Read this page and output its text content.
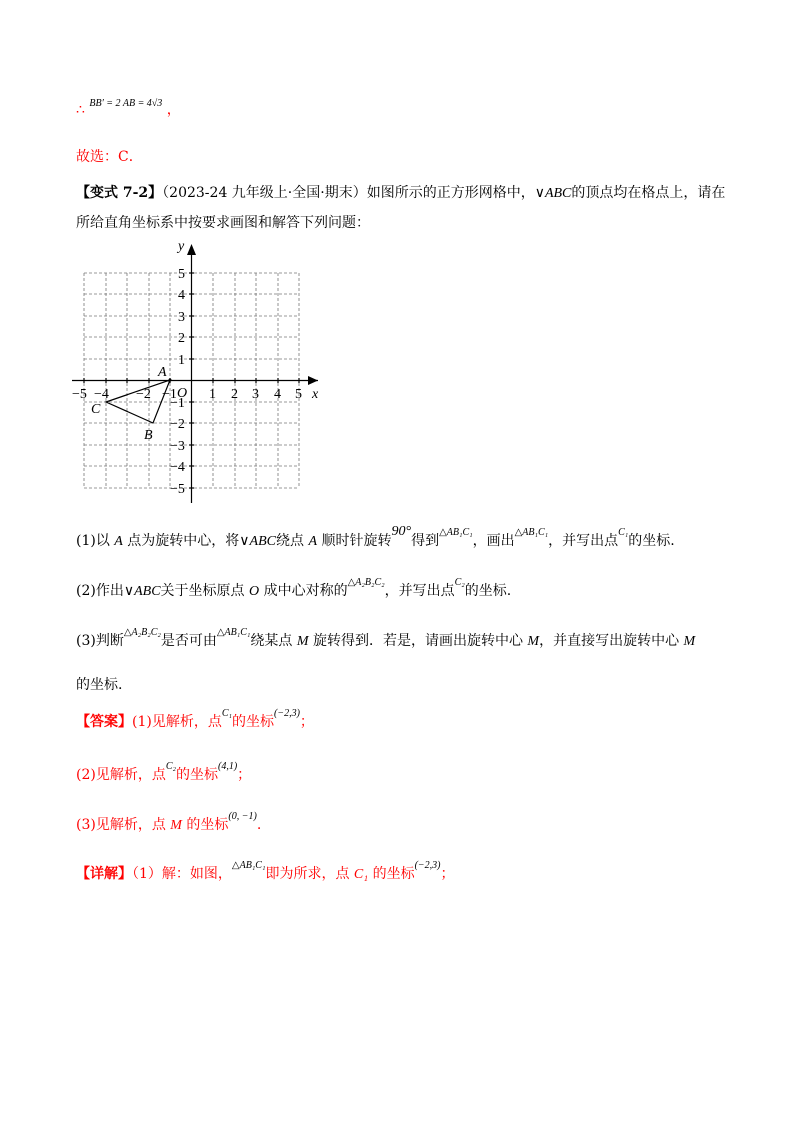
∴ $^{BB' = 2 AB = 4√3}$ ，
故选：C．
【变式 7-2】（2023-24 九年级上·全国·期末）如图所示的正方形网格中，∨ABC的顶点均在格点上，请在
所给直角坐标系中按要求画图和解答下列问题：
x
y
O
A
B
C
1 2 3 4 5
−5 −4 −2 −1
1
2
3
4
5
−1
−2
−3
−4
−5
(1)以 A 点为旋转中心，将∨ABC绕点 A 顺时针旋转90°得到$^{\triangle AB_1C_1}$，画出$^{\triangle AB_1C_1}$，并写出点$^{C_1}$的坐标.
(2)作出∨ABC关于坐标原点 O 成中心对称的$^{\triangle A_2B_2C_2}$，并写出点$^{C_2}$的坐标.
(3)判断$^{\triangle A_2B_2C_2}$是否可由$^{\triangle AB_1C_1}$绕某点 M 旋转得到．若是，请画出旋转中心 M，并直接写出旋转中心 M
的坐标.
【答案】(1)见解析，点$^{C_1}$的坐标$^{(-2,3)}$；
(2)见解析，点$^{C_2}$的坐标$^{(4,1)}$；
(3)见解析，点 M 的坐标$^{(0, -1)}$.
【详解】（1）解：如图，$^{\triangle AB_1C_1}$即为所求，点 C₁ 的坐标$^{(-2,3)}$；
